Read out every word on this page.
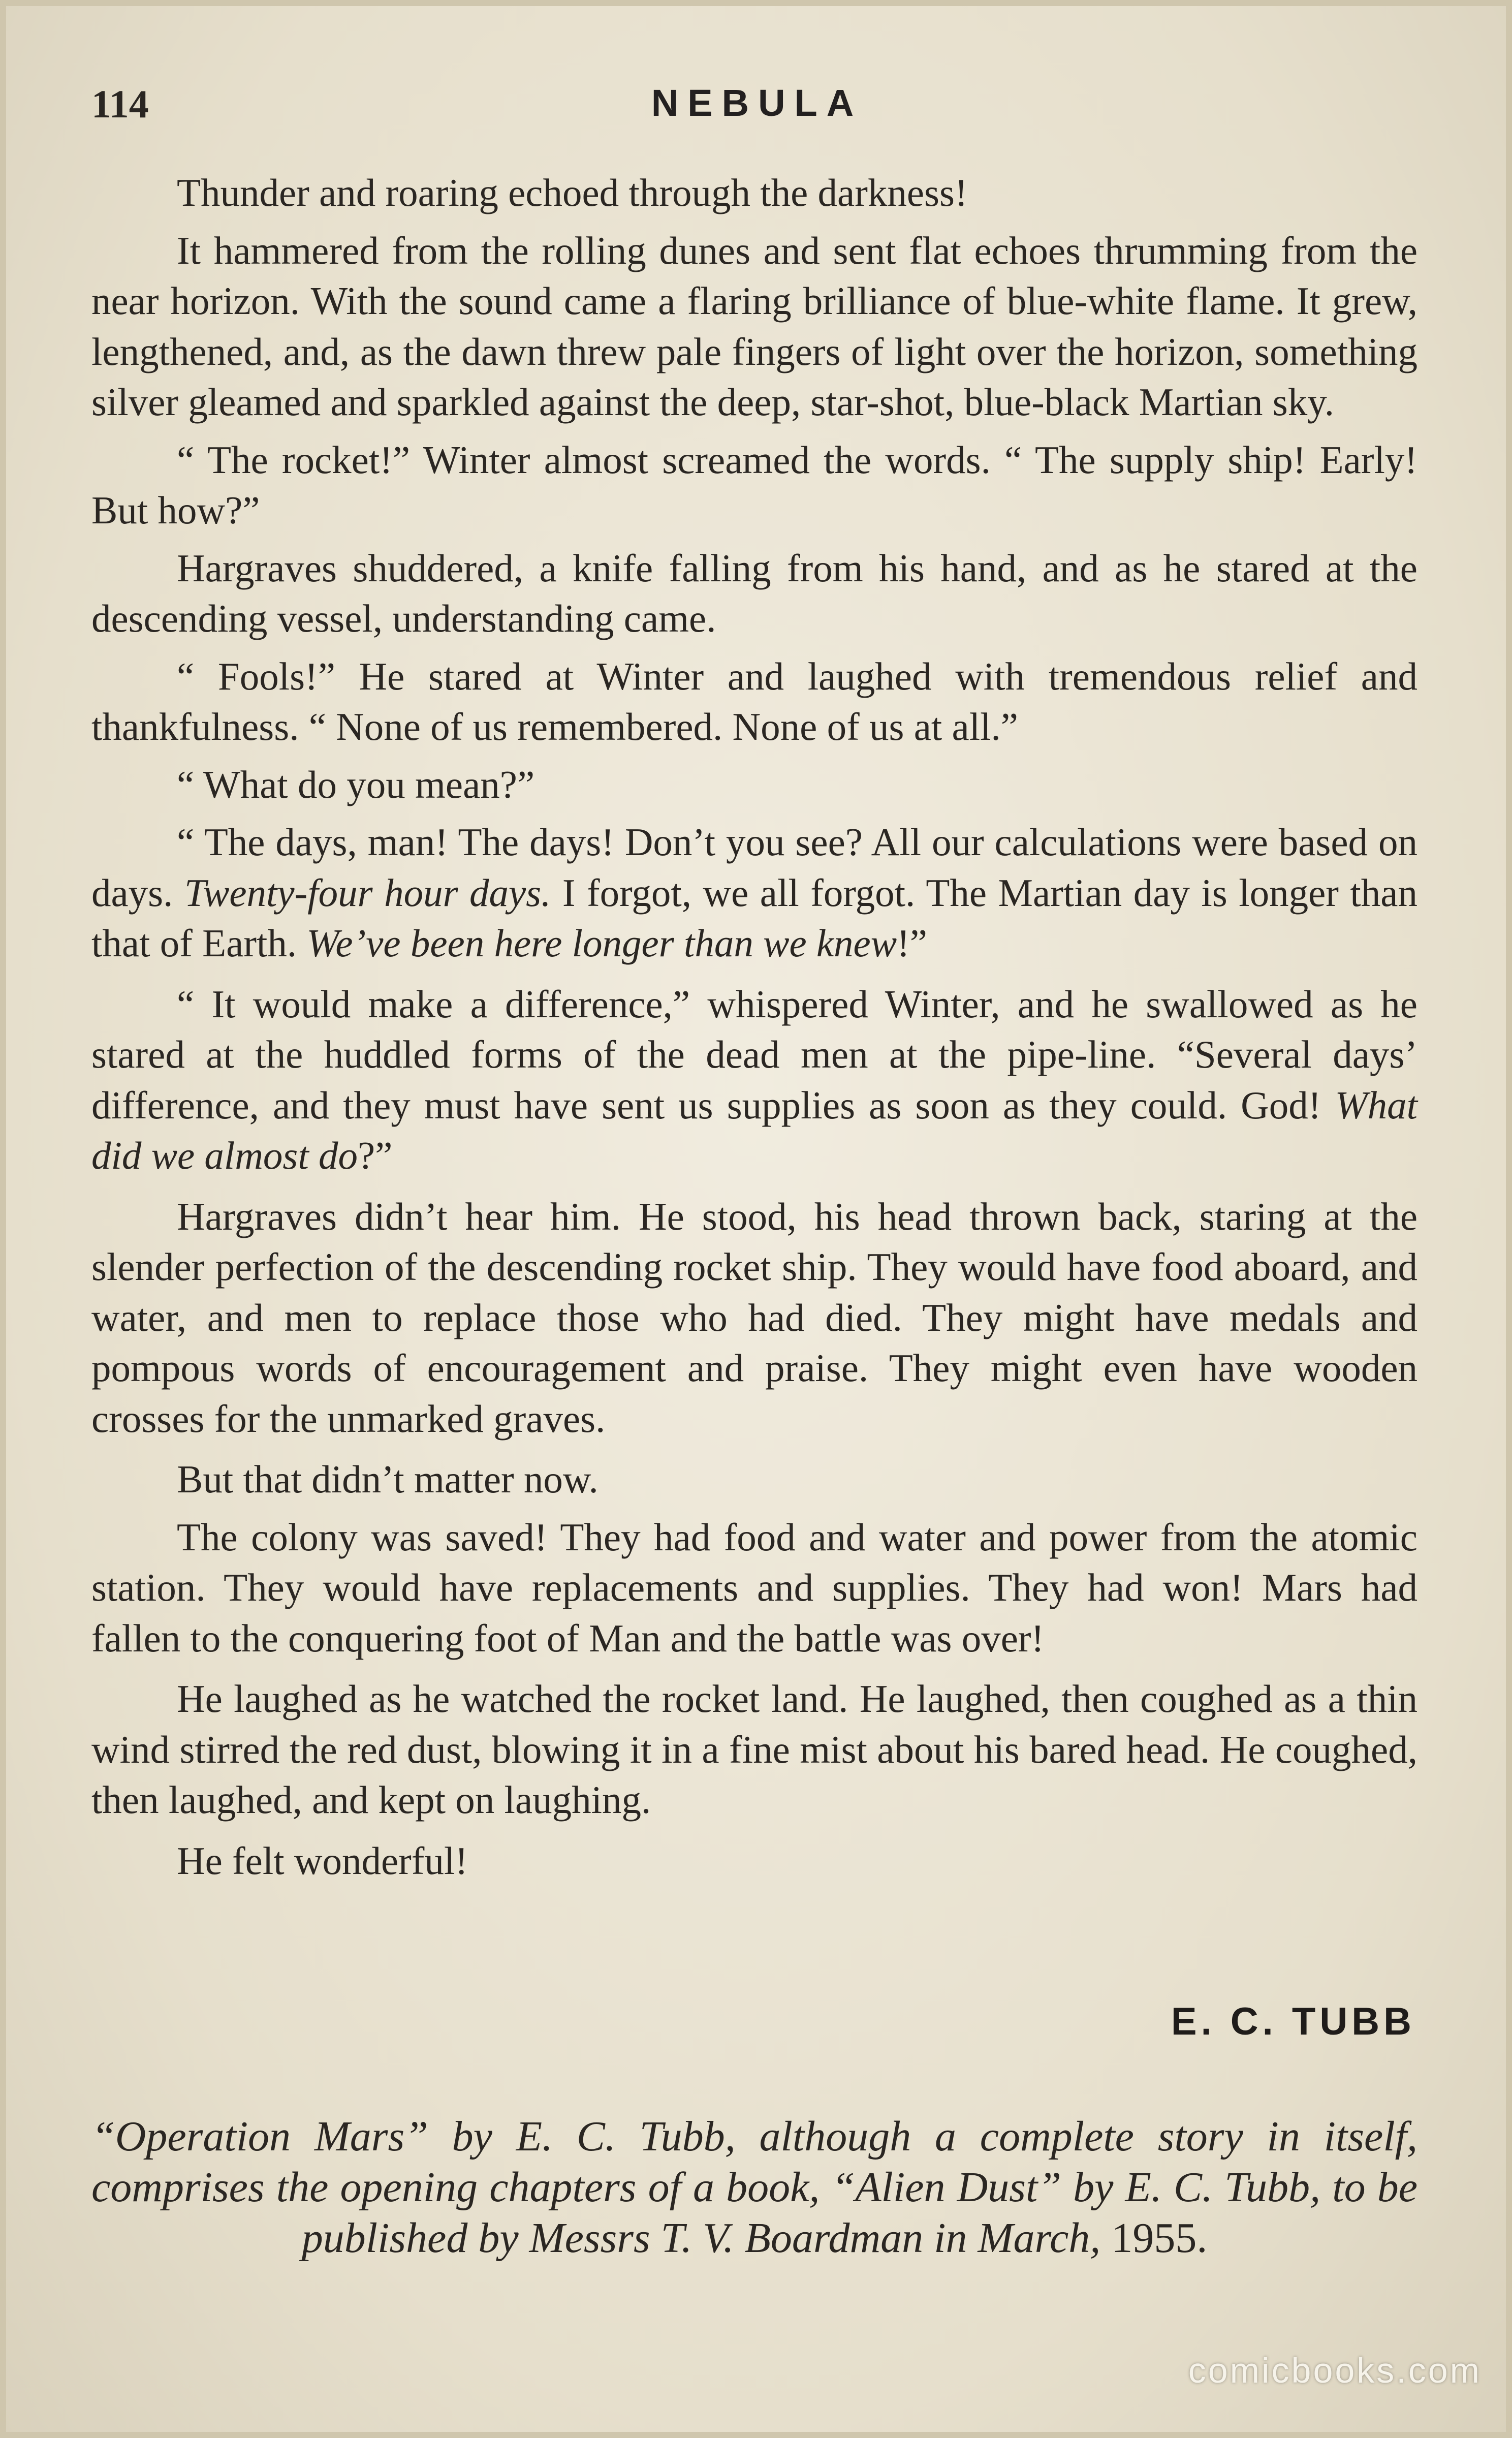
114	NEBULA

Thunder and roaring echoed through the darkness!

It hammered from the rolling dunes and sent flat echoes thrumming from the near horizon. With the sound came a flaring brilliance of blue-white flame. It grew, lengthened, and, as the dawn threw pale fingers of light over the horizon, something silver gleamed and sparkled against the deep, star-shot, blue-black Martian sky.

“ The rocket!” Winter almost screamed the words. “ The supply ship! Early! But how?”

Hargraves shuddered, a knife falling from his hand, and as he stared at the descending vessel, understanding came.

“ Fools!” He stared at Winter and laughed with tremendous relief and thankfulness. “ None of us remembered. None of us at all.”

“ What do you mean?”

“ The days, man! The days! Don’t you see? All our calculations were based on days. Twenty-four hour days. I forgot, we all forgot. The Martian day is longer than that of Earth. We’ve been here longer than we knew!”

“ It would make a difference,” whispered Winter, and he swallowed as he stared at the huddled forms of the dead men at the pipe-line. “Several days’ difference, and they must have sent us supplies as soon as they could. God! What did we almost do?”

Hargraves didn’t hear him. He stood, his head thrown back, staring at the slender perfection of the descending rocket ship. They would have food aboard, and water, and men to replace those who had died. They might have medals and pompous words of encouragement and praise. They might even have wooden crosses for the unmarked graves.

But that didn’t matter now.

The colony was saved! They had food and water and power from the atomic station. They would have replacements and supplies. They had won! Mars had fallen to the conquering foot of Man and the battle was over!

He laughed as he watched the rocket land. He laughed, then coughed as a thin wind stirred the red dust, blowing it in a fine mist about his bared head. He coughed, then laughed, and kept on laughing.

He felt wonderful!

E. C. TUBB
“Operation Mars” by E. C. Tubb, although a complete story in itself, comprises the opening chapters of a book, “Alien Dust” by E. C. Tubb, to be published by Messrs T. V. Boardman in March, 1955.
comicbooks.com
